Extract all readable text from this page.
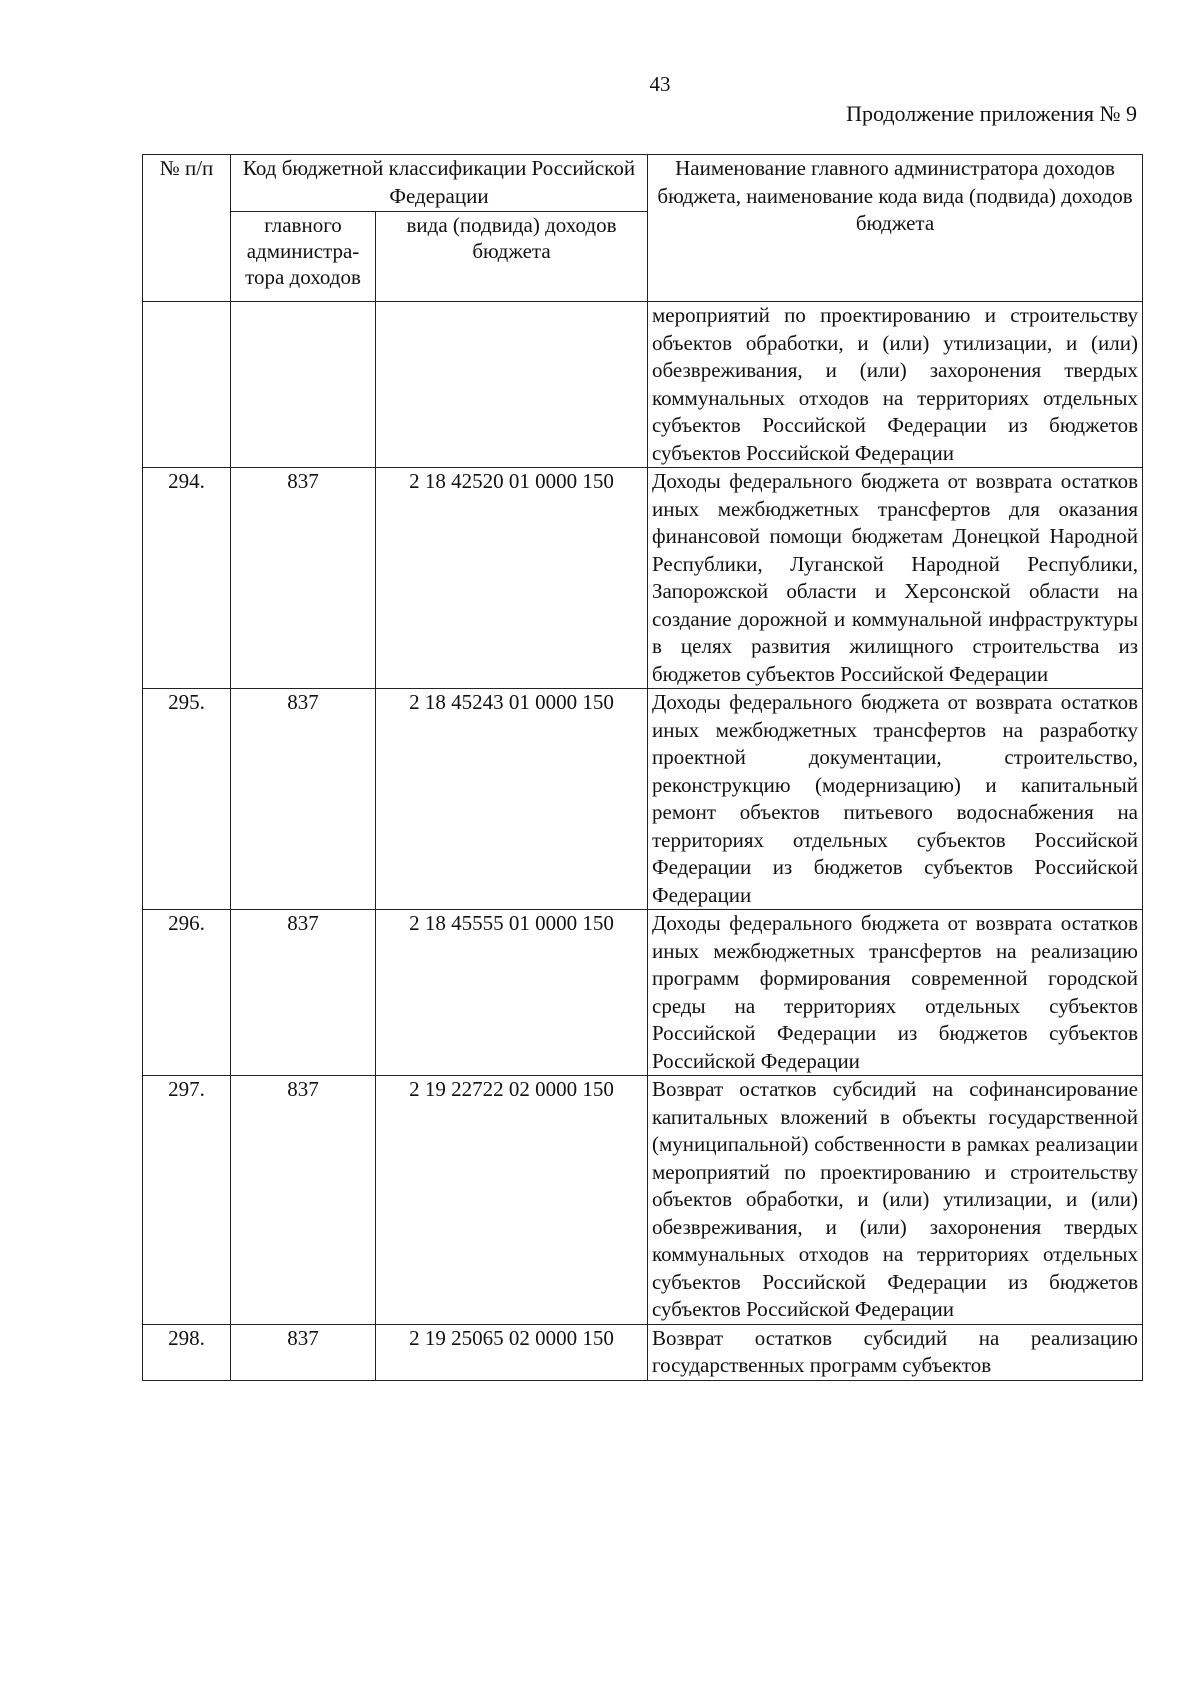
43
Продолжение приложения № 9
№ п/п	Код бюджетной классификации Российской Федерации		Наименование главного администратора доходов бюджета, наименование кода вида (подвида) доходов бюджета
	главного администра-тора доходов	вида (подвида) доходов бюджета	
			мероприятий по проектированию и строительству объектов обработки, и (или) утилизации, и (или) обезвреживания, и (или) захоронения твердых коммунальных отходов на территориях отдельных субъектов Российской Федерации из бюджетов субъектов Российской Федерации
294.	837	2 18 42520 01 0000 150	Доходы федерального бюджета от возврата остатков иных межбюджетных трансфертов для оказания финансовой помощи бюджетам Донецкой Народной Республики, Луганской Народной Республики, Запорожской области и Херсонской области на создание дорожной и коммунальной инфраструктуры в целях развития жилищного строительства из бюджетов субъектов Российской Федерации
295.	837	2 18 45243 01 0000 150	Доходы федерального бюджета от возврата остатков иных межбюджетных трансфертов на разработку проектной документации, строительство, реконструкцию (модернизацию) и капитальный ремонт объектов питьевого водоснабжения на территориях отдельных субъектов Российской Федерации из бюджетов субъектов Российской Федерации
296.	837	2 18 45555 01 0000 150	Доходы федерального бюджета от возврата остатков иных межбюджетных трансфертов на реализацию программ формирования современной городской среды на территориях отдельных субъектов Российской Федерации из бюджетов субъектов Российской Федерации
297.	837	2 19 22722 02 0000 150	Возврат остатков субсидий на софинансирование капитальных вложений в объекты государственной (муниципальной) собственности в рамках реализации мероприятий по проектированию и строительству объектов обработки, и (или) утилизации, и (или) обезвреживания, и (или) захоронения твердых коммунальных отходов на территориях отдельных субъектов Российской Федерации из бюджетов субъектов Российской Федерации
298.	837	2 19 25065 02 0000 150	Возврат остатков субсидий на реализацию государственных программ субъектов
